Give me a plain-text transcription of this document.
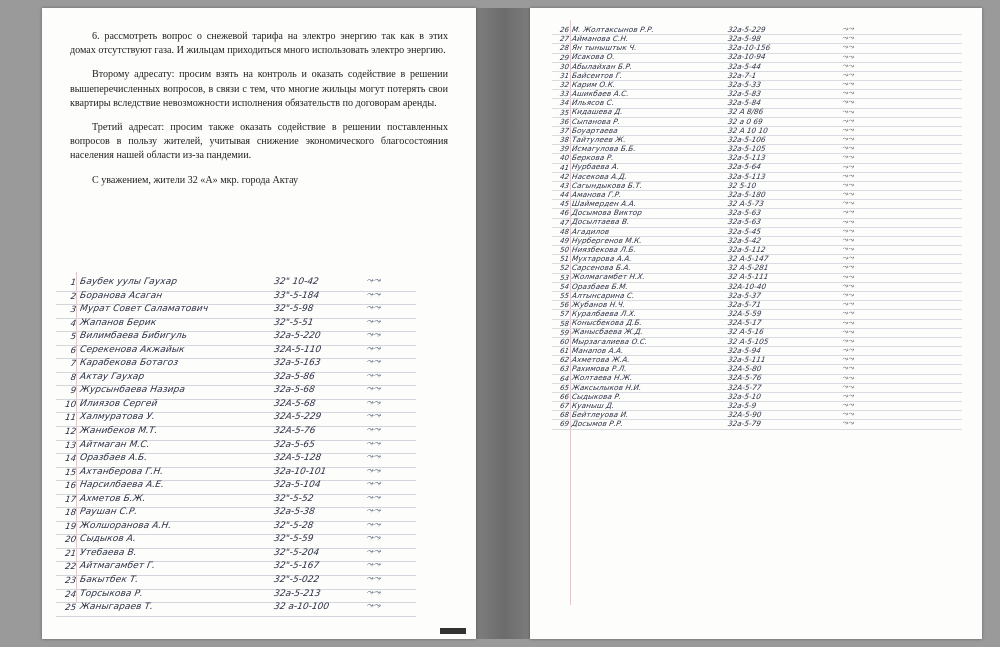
6. рассмотреть вопрос о снежевой тарифа на электро энергию так как в этих домах отсутствуют газа. И жильцам приходиться много использовать электро энергию.

Второму адресату: просим взять на контроль и оказать содействие в решении вышеперечисленных вопросов, в связи с тем, что многие жильцы могут потерять свои квартиры вследствие невозможности исполнения обязательств по договорам аренды.

Третий адресат: просим также оказать содействие в решении поставленных вопросов в пользу жителей, учитывая снижение экономического благосостояния населения нашей области из-за пандемии.

С уважением, жители 32 «А» мкр. города Актау

1 Баубек уулы Гаухар	32" 10-42	⤳⤳
2 Боранова Асаган	33"-5-184	⤳⤳
3 Мурат Совет Саламатович	32"-5-98	⤳⤳
4 Жапанов Берик	32"-5-51	⤳⤳
5 Вилимбаева Бибигуль	32а-5-220	⤳⤳
6 Серекенова Акжайык	32А-5-110	⤳⤳
7 Карабекова Ботагоз	32а-5-163	⤳⤳
8 Актау Гаухар	32а-5-86	⤳⤳
9 Журсынбаева Назира	32а-5-68	⤳⤳
10 Илиязов Сергей	32А-5-68	⤳⤳
11 Халмуратова У.	32А-5-229	⤳⤳
12 Жанибеков М.Т.	32А-5-76	⤳⤳
13 Айтмаган М.С.	32а-5-65	⤳⤳
14 Оразбаев А.Б.	32А-5-128	⤳⤳
15 Ахтанберова Г.Н.	32а-10-101	⤳⤳
16 Нарсилбаева А.Е.	32а-5-104	⤳⤳
17 Ахметов Б.Ж.	32"-5-52	⤳⤳
18 Раушан С.Р.	32а-5-38	⤳⤳
19 Жолшоранова А.Н.	32"-5-28	⤳⤳
20 Сыдыков А.	32"-5-59	⤳⤳
21 Утебаева В.	32"-5-204	⤳⤳
22 Айтмагамбет Г.	32"-5-167	⤳⤳
23 Бакытбек Т.	32"-5-022	⤳⤳
24 Торсыкова Р.	32а-5-213	⤳⤳
25 Жаныгараев Т.	32 а-10-100	⤳⤳
26 М. Жолтаксынов Р.Р.	32а-5-229	⤳⤳
27 Айманова С.Н.	32а-5-98	⤳⤳
28 Ян тыныштык Ч.	32а-10-156	⤳⤳
29 Исакова О.	32а-10-94	⤳⤳
30 Абылайхан Б.Р.	32а-5-44	⤳⤳
31 Байсеитов Г.	32а-7-1	⤳⤳
32 Карим О.К.	32а-5-33	⤳⤳
33 Ашикбаев А.С.	32а-5-83	⤳⤳
34 Ильясов С.	32а-5-84	⤳⤳
35 Кидашева Д.	32 А 8/86	⤳⤳
36 Сыпанова Р.	32 а 0 69	⤳⤳
37 Боуартаева	32 А 10 10	⤳⤳
38 Тайтулеев Ж.	32а-5-106	⤳⤳
39 Исмагулова Б.Б.	32а-5-105	⤳⤳
40 Беркова Р.	32а-5-113	⤳⤳
41 Нурбаева А.	32а-5-64	⤳⤳
42 Насекова А.Д.	32а-5-113	⤳⤳
43 Сагындыкова Б.Т.	32 5-10	⤳⤳
44 Аманова Г.Р.	32а-5-180	⤳⤳
45 Шаймерден А.А.	32 А-5-73	⤳⤳
46 Досымова Виктор	32а-5-63	⤳⤳
47 Досылтаева В.	32а-5-63	⤳⤳
48 Агадилов	32а-5-45	⤳⤳
49 Нурбергенов М.К.	32а-5-42	⤳⤳
50 Ниязбекова Л.Б.	32а-5-112	⤳⤳
51 Мухтарова А.А.	32 А-5-147	⤳⤳
52 Сарсенова Б.А.	32 А-5-281	⤳⤳
53 Жолмагамбет Н.Х.	32 А-5-111	⤳⤳
54 Оразбаев Б.М.	32А-10-40	⤳⤳
55 Алтынсарина С.	32а-5-37	⤳⤳
56 Жубанов Н.Ч.	32а-5-71	⤳⤳
57 Куралбаева Л.Х.	32А-5-59	⤳⤳
58 Конысбекова Д.Б.	32А-5-17	⤳⤳
59 Жанысбаева Ж.Д.	32 А-5-16	⤳⤳
60 Мырзагалиева О.С.	32 А-5-105	⤳⤳
61 Манапов А.А.	32а-5-94	⤳⤳
62 Ахметова Ж.А.	32а-5-111	⤳⤳
63 Рахимова Р.Л.	32А-5-80	⤳⤳
64 Жолтаева Н.Ж.	32А-5-76	⤳⤳
65 Жаксылыков Н.И.	32А-5-77	⤳⤳
66 Сыдыкова Р.	32а-5-10	⤳⤳
67 Куаныш Д.	32а-5-9	⤳⤳
68 Бейтлеуова И.	32А-5-90	⤳⤳
69 Досымов Р.Р.	32а-5-79	⤳⤳
